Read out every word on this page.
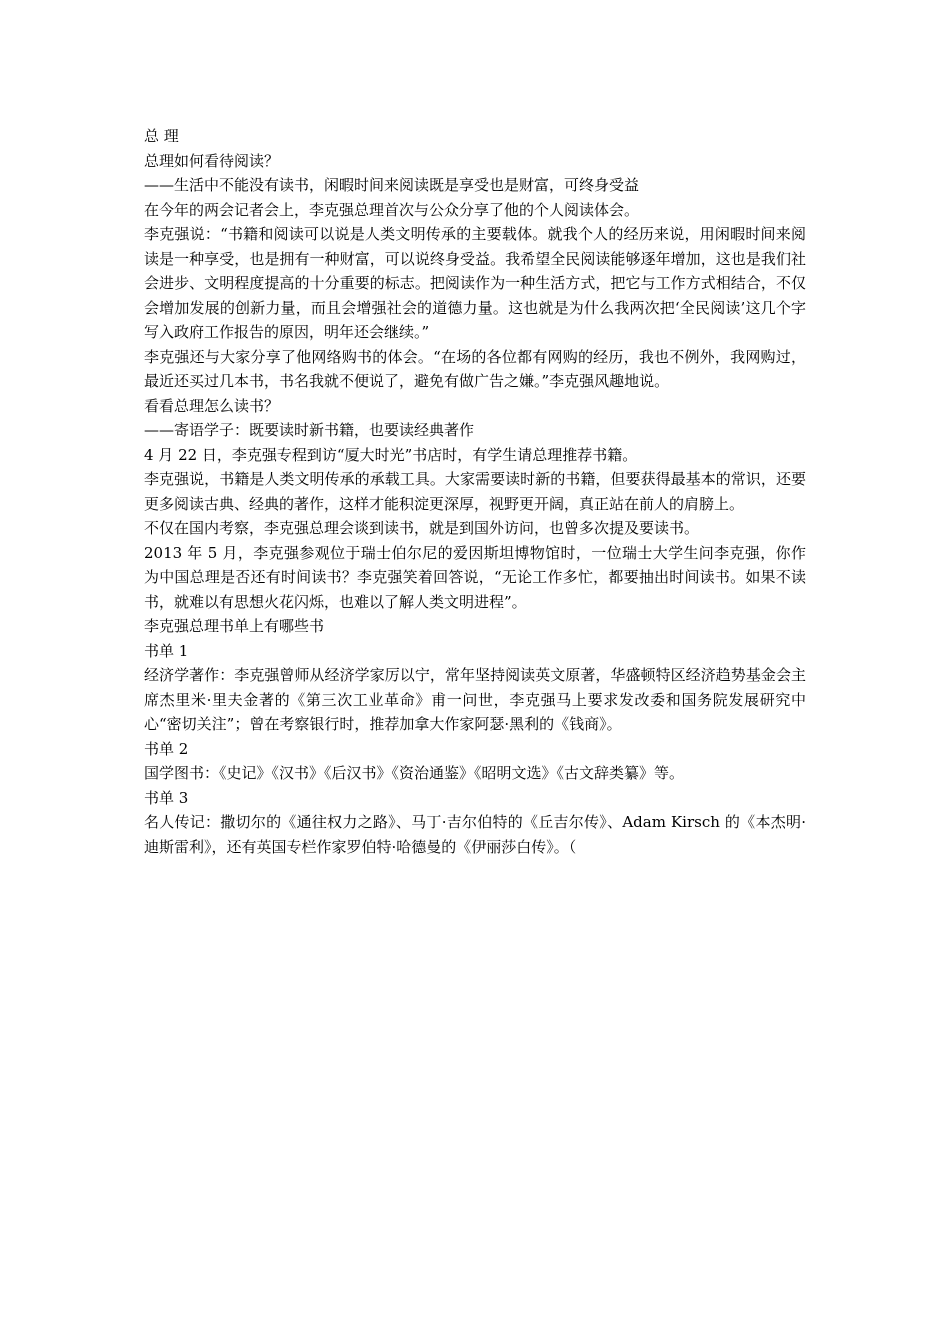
总 理

总理如何看待阅读？

——生活中不能没有读书，闲暇时间来阅读既是享受也是财富，可终身受益

在今年的两会记者会上，李克强总理首次与公众分享了他的个人阅读体会。

李克强说：“书籍和阅读可以说是人类文明传承的主要载体。就我个人的经历来说，用闲暇时间来阅读是一种享受，也是拥有一种财富，可以说终身受益。我希望全民阅读能够逐年增加，这也是我们社会进步、文明程度提高的十分重要的标志。把阅读作为一种生活方式，把它与工作方式相结合，不仅会增加发展的创新力量，而且会增强社会的道德力量。这也就是为什么我两次把‘全民阅读’这几个字写入政府工作报告的原因，明年还会继续。”

李克强还与大家分享了他网络购书的体会。“在场的各位都有网购的经历，我也不例外，我网购过，最近还买过几本书，书名我就不便说了，避免有做广告之嫌。”李克强风趣地说。

看看总理怎么读书？

——寄语学子：既要读时新书籍，也要读经典著作

4 月 22 日，李克强专程到访“厦大时光”书店时，有学生请总理推荐书籍。

李克强说，书籍是人类文明传承的承载工具。大家需要读时新的书籍，但要获得最基本的常识，还要更多阅读古典、经典的著作，这样才能积淀更深厚，视野更开阔，真正站在前人的肩膀上。

不仅在国内考察，李克强总理会谈到读书，就是到国外访问，也曾多次提及要读书。

2013 年 5 月，李克强参观位于瑞士伯尔尼的爱因斯坦博物馆时，一位瑞士大学生问李克强，你作为中国总理是否还有时间读书？李克强笑着回答说，“无论工作多忙，都要抽出时间读书。如果不读书，就难以有思想火花闪烁，也难以了解人类文明进程”。

李克强总理书单上有哪些书

书单 1

经济学著作：李克强曾师从经济学家厉以宁，常年坚持阅读英文原著，华盛顿特区经济趋势基金会主席杰里米·里夫金著的《第三次工业革命》甫一问世，李克强马上要求发改委和国务院发展研究中心“密切关注”；曾在考察银行时，推荐加拿大作家阿瑟·黑利的《钱商》。

书单 2

国学图书：《史记》《汉书》《后汉书》《资治通鉴》《昭明文选》《古文辞类纂》等。

书单 3

名人传记：撒切尔的《通往权力之路》、马丁·吉尔伯特的《丘吉尔传》、Adam Kirsch 的《本杰明·迪斯雷利》，还有英国专栏作家罗伯特·哈德曼的《伊丽莎白传》。（
